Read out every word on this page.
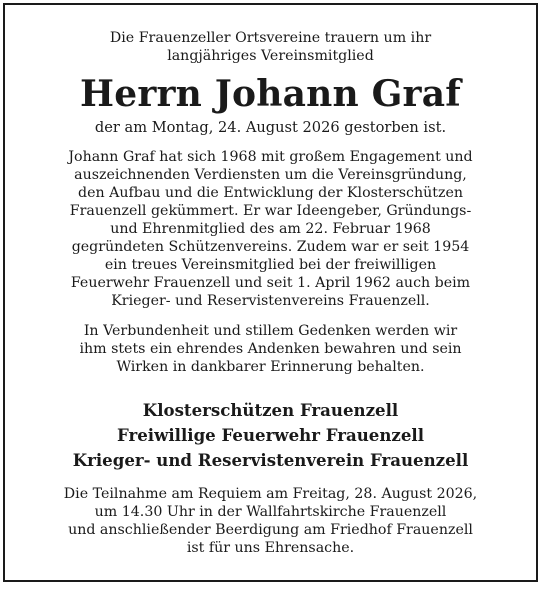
Die Frauenzeller Ortsvereine trauern um ihr
langjähriges Vereinsmitglied
Herrn Johann Graf
der am Montag, 24. August 2026 gestorben ist.
Johann Graf hat sich 1968 mit großem Engagement und
auszeichnenden Verdiensten um die Vereinsgründung,
den Aufbau und die Entwicklung der Klosterschützen
Frauenzell gekümmert. Er war Ideengeber, Gründungs-
und Ehrenmitglied des am 22. Februar 1968
gegründeten Schützenvereins. Zudem war er seit 1954
ein treues Vereinsmitglied bei der freiwilligen
Feuerwehr Frauenzell und seit 1. April 1962 auch beim
Krieger- und Reservistenvereins Frauenzell.
In Verbundenheit und stillem Gedenken werden wir
ihm stets ein ehrendes Andenken bewahren und sein
Wirken in dankbarer Erinnerung behalten.
Klosterschützen Frauenzell
Freiwillige Feuerwehr Frauenzell
Krieger- und Reservistenverein Frauenzell
Die Teilnahme am Requiem am Freitag, 28. August 2026,
um 14.30 Uhr in der Wallfahrtskirche Frauenzell
und anschließender Beerdigung am Friedhof Frauenzell
ist für uns Ehrensache.
